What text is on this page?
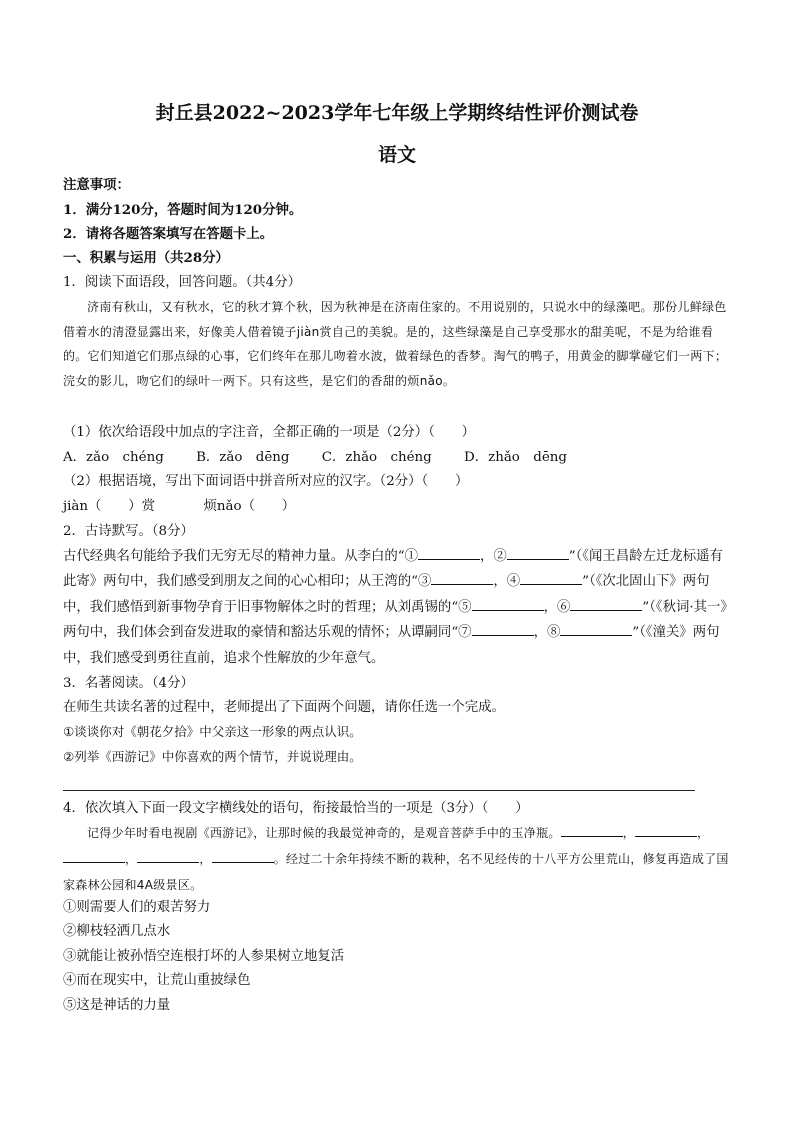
封丘县2022~2023学年七年级上学期终结性评价测试卷
语文
注意事项：
1．满分120分，答题时间为120分钟。
2．请将各题答案填写在答题卡上。
一、积累与运用（共28分）
1．阅读下面语段，回答问题。（共4分）
济南有秋山，又有秋水，它的秋才算个秋，因为秋神是在济南住家的。不用说别的，只说水中的绿藻吧。那份儿鲜绿色借着水的清澄显露出来，好像美人借着镜子jiàn赏自己的美貌。是的，这些绿藻是自己享受那水的甜美呢，不是为给谁看的。它们知道它们那点绿的心事，它们终年在那儿吻着水波，做着绿色的香梦。淘气的鸭子，用黄金的脚掌碰它们一两下；浣女的影儿，吻它们的绿叶一两下。只有这些，是它们的香甜的烦nǎo。
（1）依次给语段中加点的字注音，全都正确的一项是（2分）（　　）
A．zǎo　chéng B．zǎo　dēng C．zhǎo　chéng D．zhǎo　dēng
（2）根据语境，写出下面词语中拼音所对应的汉字。（2分）（　　）
jiàn（　　）赏	烦nǎo（　　）
2．古诗默写。（8分）
古代经典名句能给予我们无穷无尽的精神力量。从李白的“①	，②	”（《闻王昌龄左迁龙标遥有此寄》两句中，我们感受到朋友之间的心心相印；从王湾的“③	，④	”（《次北固山下》两句中，我们感悟到新事物孕育于旧事物解体之时的哲理；从刘禹锡的“⑤	，⑥	”（《秋词·其一》两句中，我们体会到奋发进取的豪情和豁达乐观的情怀；从谭嗣同“⑦	，⑧	”（《潼关》两句中，我们感受到勇往直前，追求个性解放的少年意气。
3．名著阅读。（4分）
在师生共读名著的过程中，老师提出了下面两个问题，请你任选一个完成。
①谈谈你对《朝花夕拾》中父亲这一形象的两点认识。
②列举《西游记》中你喜欢的两个情节，并说说理由。
4．依次填入下面一段文字横线处的语句，衔接最恰当的一项是（3分）（　　）
记得少年时看电视剧《西游记》，让那时候的我最觉神奇的，是观音菩萨手中的玉净瓶。	，	，，	，	。经过二十余年持续不断的栽种，名不见经传的十八平方公里荒山，修复再造成了国家森林公园和4A级景区。
①则需要人们的艰苦努力
②柳枝轻洒几点水
③就能让被孙悟空连根打坏的人参果树立地复活
④而在现实中，让荒山重披绿色
⑤这是神话的力量
